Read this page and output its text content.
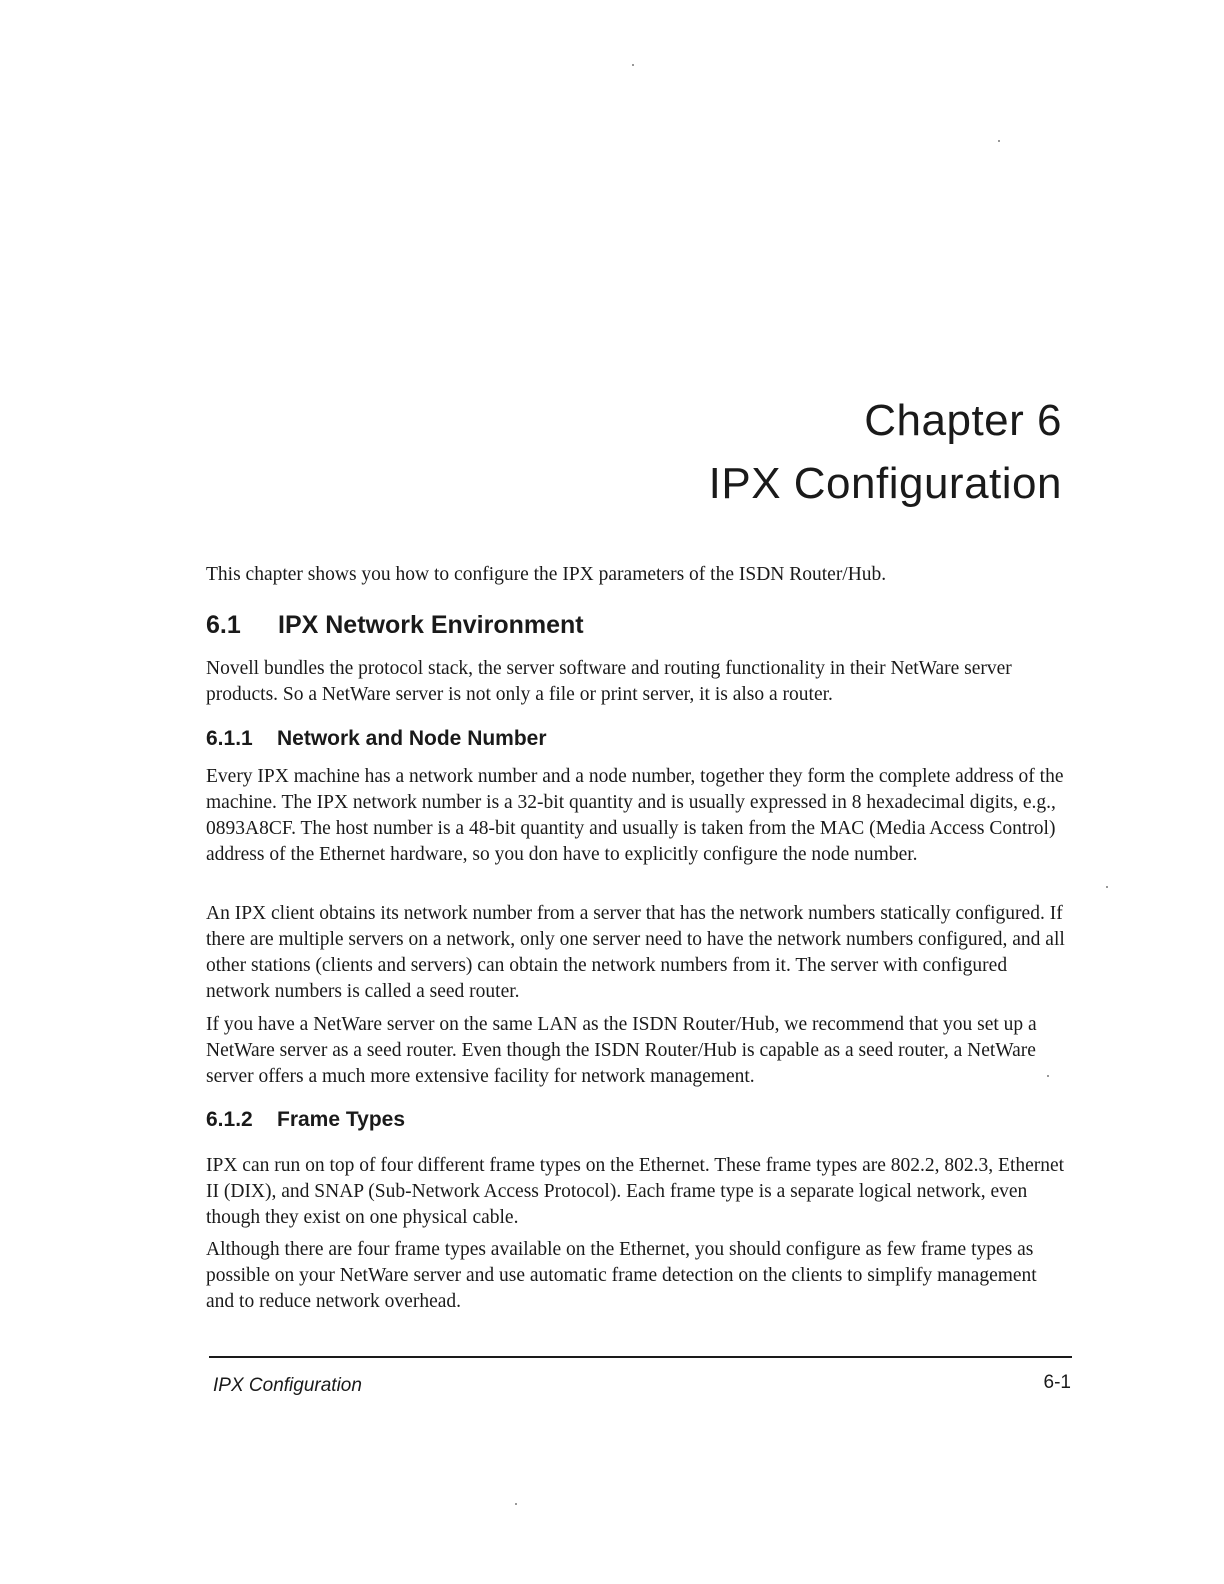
Chapter 6
IPX Configuration

This chapter shows you how to configure the IPX parameters of the ISDN Router/Hub.

6.1 IPX Network Environment

Novell bundles the protocol stack, the server software and routing functionality in their NetWare server products. So a NetWare server is not only a file or print server, it is also a router.

6.1.1 Network and Node Number

Every IPX machine has a network number and a node number, together they form the complete address of the machine. The IPX network number is a 32-bit quantity and is usually expressed in 8 hexadecimal digits, e.g., 0893A8CF. The host number is a 48-bit quantity and usually is taken from the MAC (Media Access Control) address of the Ethernet hardware, so you don have to explicitly configure the node number.

An IPX client obtains its network number from a server that has the network numbers statically configured. If there are multiple servers on a network, only one server need to have the network numbers configured, and all other stations (clients and servers) can obtain the network numbers from it. The server with configured network numbers is called a seed router.

If you have a NetWare server on the same LAN as the ISDN Router/Hub, we recommend that you set up a NetWare server as a seed router. Even though the ISDN Router/Hub is capable as a seed router, a NetWare server offers a much more extensive facility for network management.

6.1.2 Frame Types

IPX can run on top of four different frame types on the Ethernet. These frame types are 802.2, 802.3, Ethernet II (DIX), and SNAP (Sub-Network Access Protocol). Each frame type is a separate logical network, even though they exist on one physical cable.

Although there are four frame types available on the Ethernet, you should configure as few frame types as possible on your NetWare server and use automatic frame detection on the clients to simplify management and to reduce network overhead.

IPX Configuration	6-1
